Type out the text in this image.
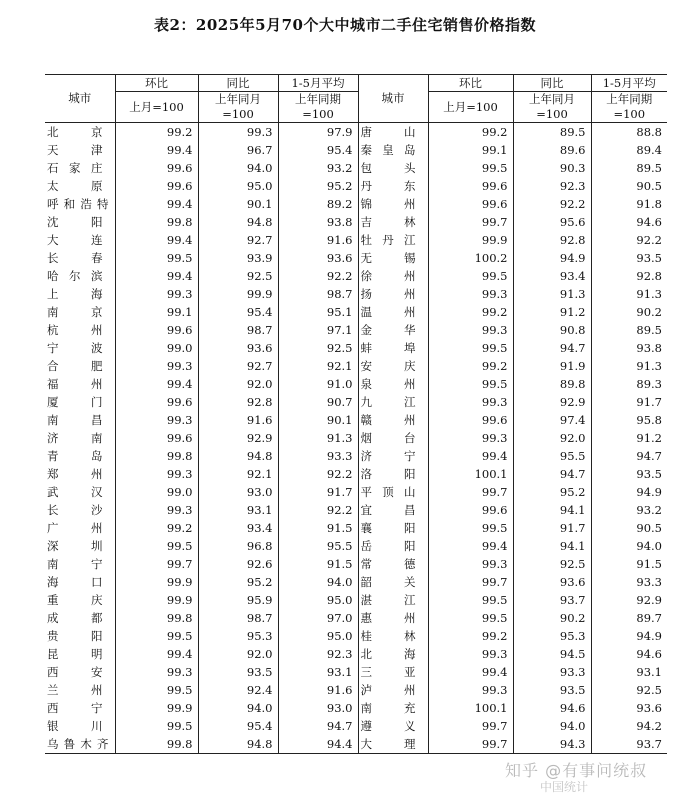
表2：2025年5月70个大中城市二手住宅销售价格指数
城市	环比	同比	1-5月平均	城市	环比	同比	1-5月平均
	上月=100	上年同月=100	上年同期=100		上月=100	上年同月=100	上年同期=100
北京	99.2	99.3	97.9	唐山	99.2	89.5	88.8
天津	99.4	96.7	95.4	秦皇岛	99.1	89.6	89.4
石家庄	99.6	94.0	93.2	包头	99.5	90.3	89.5
太原	99.6	95.0	95.2	丹东	99.6	92.3	90.5
呼和浩特	99.4	90.1	89.2	锦州	99.6	92.2	91.8
沈阳	99.8	94.8	93.8	吉林	99.7	95.6	94.6
大连	99.4	92.7	91.6	牡丹江	99.9	92.8	92.2
长春	99.5	93.9	93.6	无锡	100.2	94.9	93.5
哈尔滨	99.4	92.5	92.2	徐州	99.5	93.4	92.8
上海	99.3	99.9	98.7	扬州	99.3	91.3	91.3
南京	99.1	95.4	95.1	温州	99.2	91.2	90.2
杭州	99.6	98.7	97.1	金华	99.3	90.8	89.5
宁波	99.0	93.6	92.5	蚌埠	99.5	94.7	93.8
合肥	99.3	92.7	92.1	安庆	99.2	91.9	91.3
福州	99.4	92.0	91.0	泉州	99.5	89.8	89.3
厦门	99.6	92.8	90.7	九江	99.3	92.9	91.7
南昌	99.3	91.6	90.1	赣州	99.6	97.4	95.8
济南	99.6	92.9	91.3	烟台	99.3	92.0	91.2
青岛	99.8	94.8	93.3	济宁	99.4	95.5	94.7
郑州	99.3	92.1	92.2	洛阳	100.1	94.7	93.5
武汉	99.0	93.0	91.7	平顶山	99.7	95.2	94.9
长沙	99.3	93.1	92.2	宜昌	99.6	94.1	93.2
广州	99.2	93.4	91.5	襄阳	99.5	91.7	90.5
深圳	99.5	96.8	95.5	岳阳	99.4	94.1	94.0
南宁	99.7	92.6	91.5	常德	99.3	92.5	91.5
海口	99.9	95.2	94.0	韶关	99.7	93.6	93.3
重庆	99.9	95.9	95.0	湛江	99.5	93.7	92.9
成都	99.8	98.7	97.0	惠州	99.5	90.2	89.7
贵阳	99.5	95.3	95.0	桂林	99.2	95.3	94.9
昆明	99.4	92.0	92.3	北海	99.3	94.5	94.6
西安	99.3	93.5	93.1	三亚	99.4	93.3	93.1
兰州	99.5	92.4	91.6	泸州	99.3	93.5	92.5
西宁	99.9	94.0	93.0	南充	100.1	94.6	93.6
银川	99.5	95.4	94.7	遵义	99.7	94.0	94.2
乌鲁木齐	99.8	94.8	94.4	大理	99.7	94.3	93.7
知乎 @有事问统叔
中国统计
